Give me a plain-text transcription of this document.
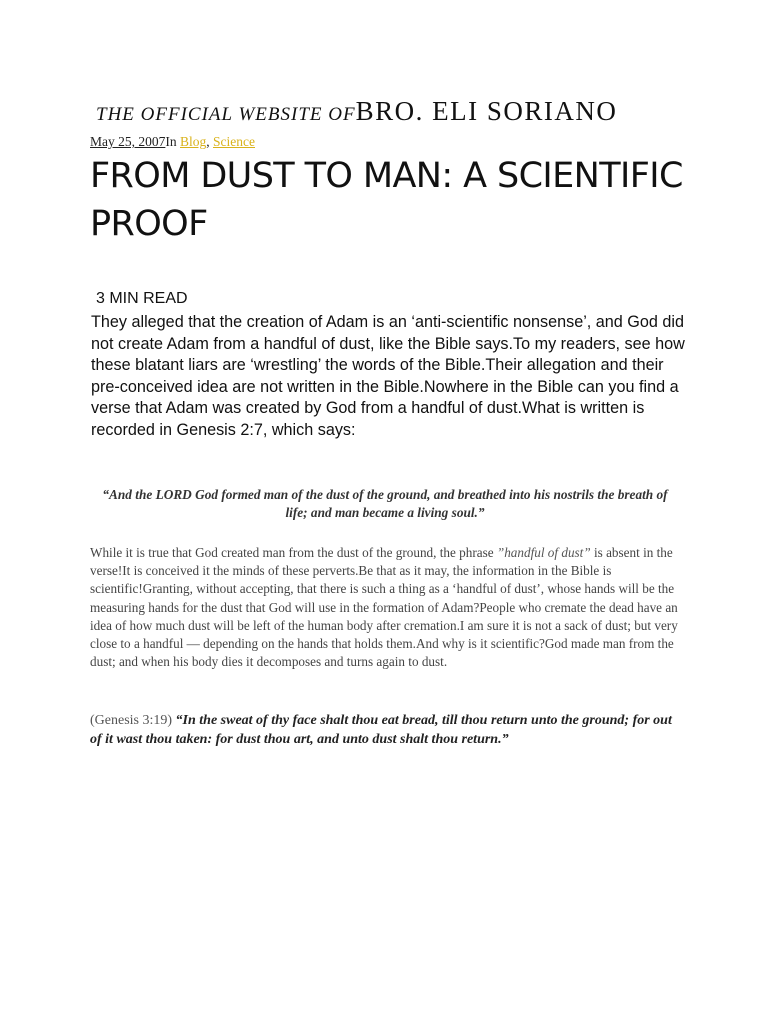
THE OFFICIAL WEBSITE OFBRO. ELI SORIANO
May 25, 2007In Blog, Science
FROM DUST TO MAN: A SCIENTIFIC PROOF
3 MIN READ

They alleged that the creation of Adam is an ‘anti-scientific nonsense’, and God did not create Adam from a handful of dust, like the Bible says.To my readers, see how these blatant liars are ‘wrestling’ the words of the Bible.Their allegation and their pre-conceived idea are not written in the Bible.Nowhere in the Bible can you find a verse that Adam was created by God from a handful of dust.What is written is recorded in Genesis 2:7, which says:

“And the LORD God formed man of the dust of the ground, and breathed into his nostrils the breath of life; and man became a living soul.”

While it is true that God created man from the dust of the ground, the phrase ”handful of dust” is absent in the verse!It is conceived it the minds of these perverts.Be that as it may, the information in the Bible is scientific!Granting, without accepting, that there is such a thing as a ‘handful of dust’, whose hands will be the measuring hands for the dust that God will use in the formation of Adam?People who cremate the dead have an idea of how much dust will be left of the human body after cremation.I am sure it is not a sack of dust; but very close to a handful — depending on the hands that holds them.And why is it scientific?God made man from the dust; and when his body dies it decomposes and turns again to dust.

(Genesis 3:19) “In the sweat of thy face shalt thou eat bread, till thou return unto the ground; for out of it wast thou taken: for dust thou art, and unto dust shalt thou return.”
